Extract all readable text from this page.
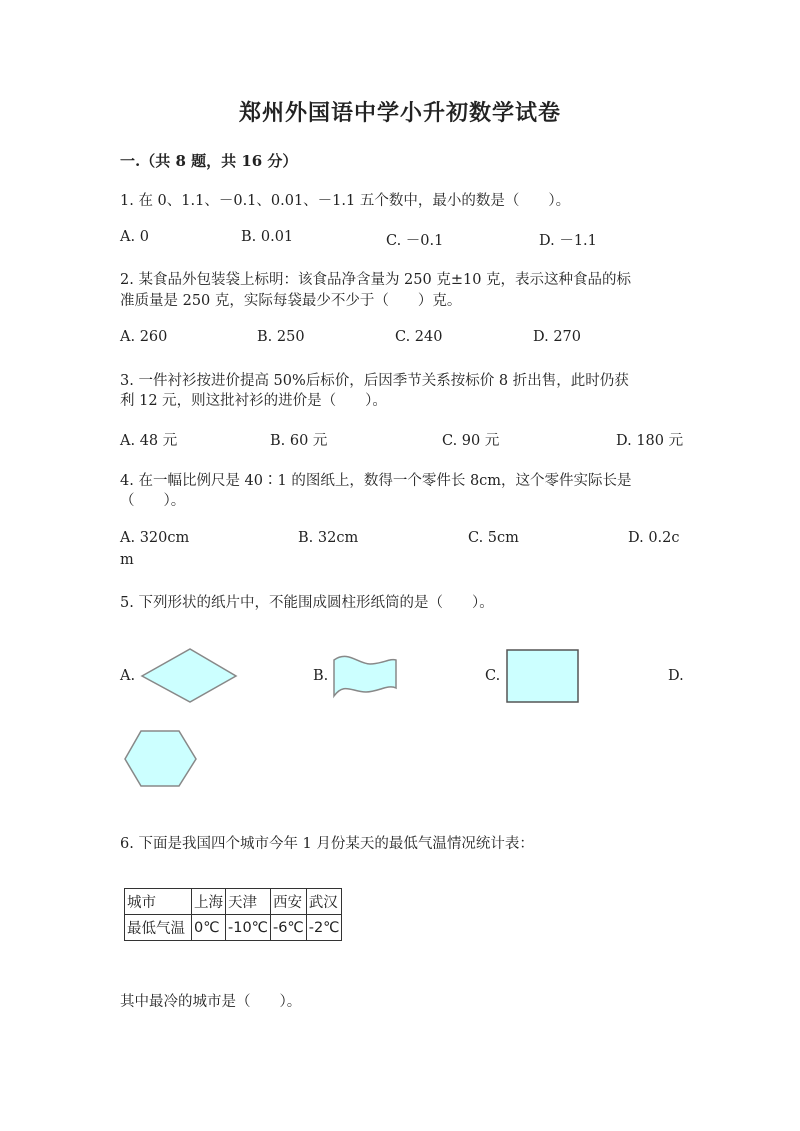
郑州外国语中学小升初数学试卷
一.（共 8 题，共 16 分）
1. 在 0、1.1、－0.1、0.01、－1.1 五个数中，最小的数是（　　）。
A. 0	B. 0.01	C. －0.1	D. －1.1
2. 某食品外包装袋上标明：该食品净含量为 250 克±10 克，表示这种食品的标
准质量是 250 克，实际每袋最少不少于（　　）克。
A. 260	B. 250	C. 240	D. 270
3. 一件衬衫按进价提高 50%后标价，后因季节关系按标价 8 折出售，此时仍获
利 12 元，则这批衬衫的进价是（　　）。
A. 48 元	B. 60 元	C. 90 元	D. 180 元
4. 在一幅比例尺是 40∶1 的图纸上，数得一个零件长 8cm，这个零件实际长是
（　　）。
A. 320cm	B. 32cm	C. 5cm	D. 0.2c
m
5. 下列形状的纸片中，不能围成圆柱形纸筒的是（　　）。
A.	B.	C.	D.
6. 下面是我国四个城市今年 1 月份某天的最低气温情况统计表：
城市	上海	天津	西安	武汉
最低气温	0℃	-10℃	-6℃	-2℃
其中最冷的城市是（　　）。
